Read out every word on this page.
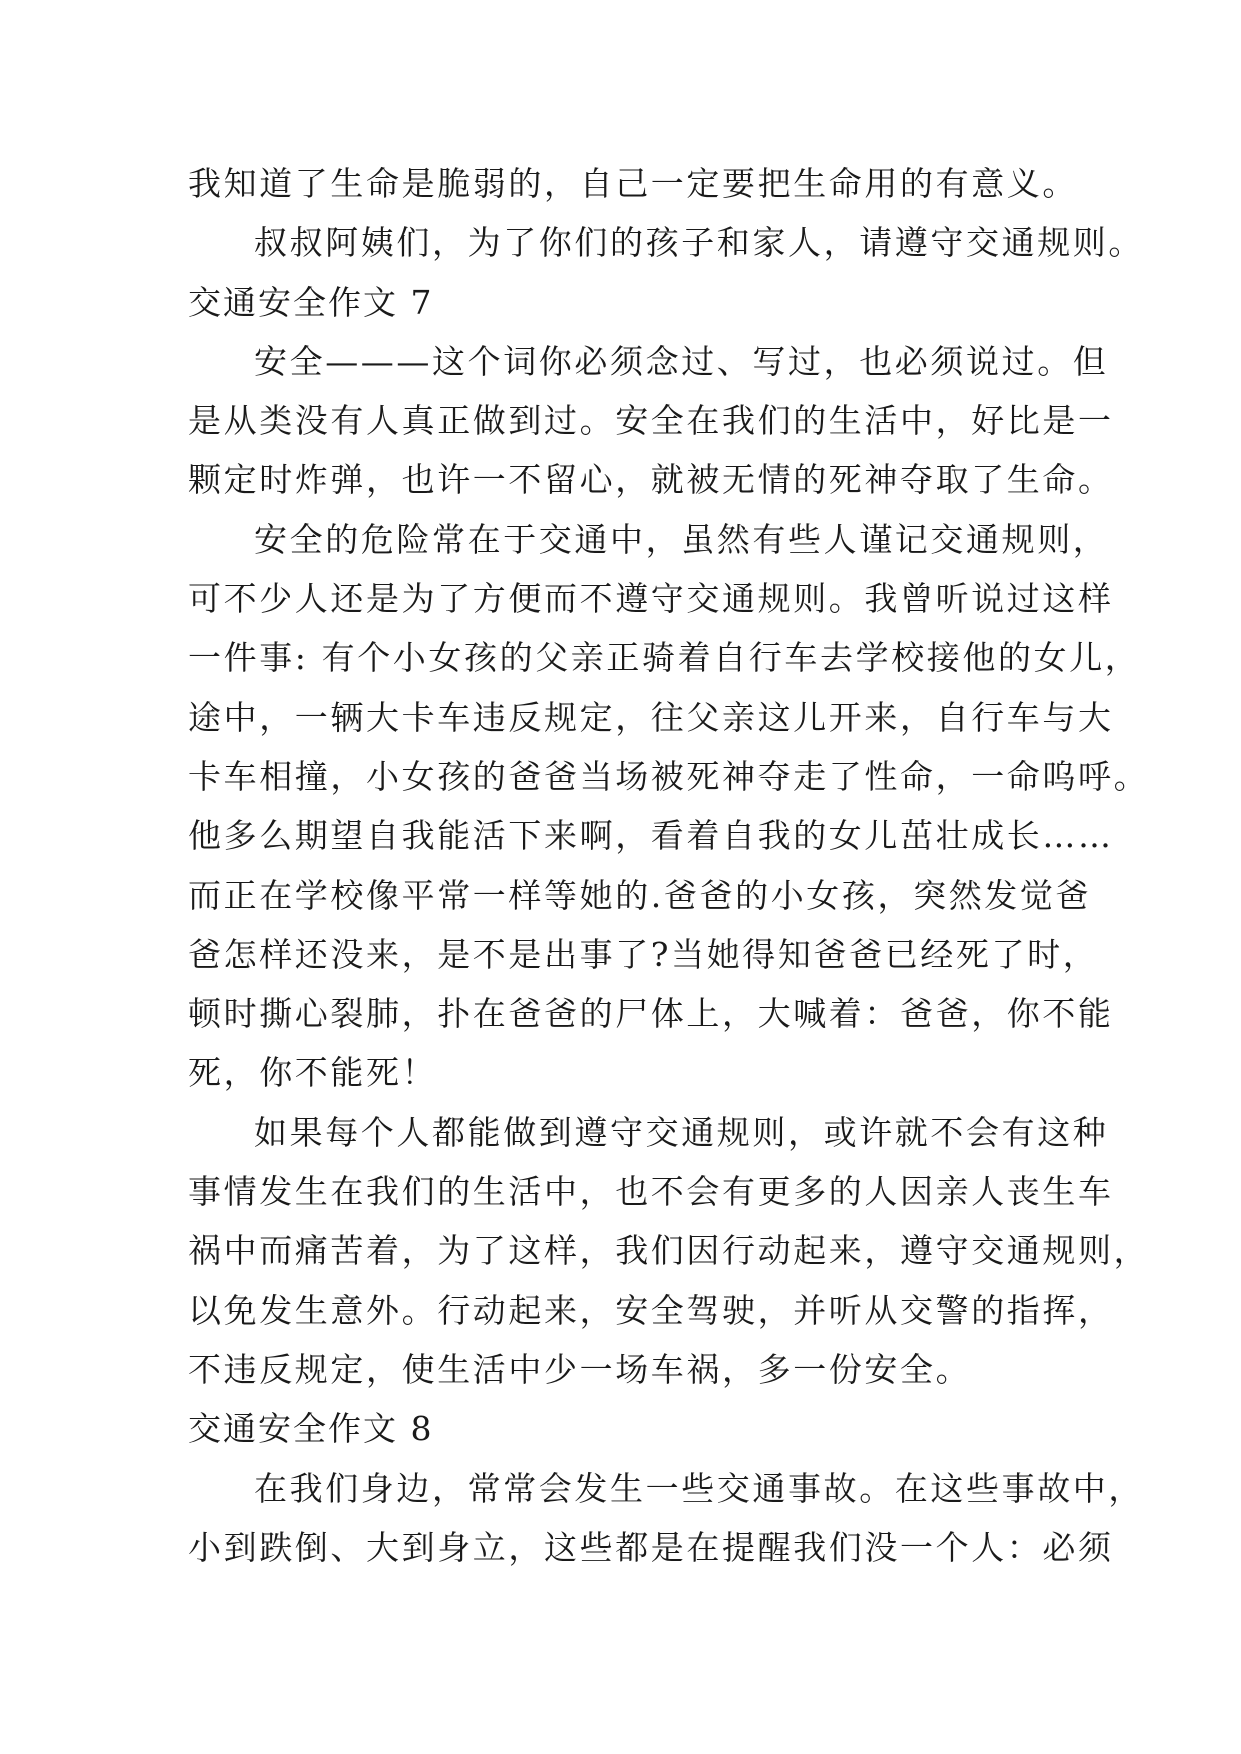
我知道了生命是脆弱的，自己一定要把生命用的有意义。
叔叔阿姨们，为了你们的孩子和家人，请遵守交通规则。
交通安全作文 7
安全———这个词你必须念过、写过，也必须说过。但
是从类没有人真正做到过。安全在我们的生活中，好比是一
颗定时炸弹，也许一不留心，就被无情的死神夺取了生命。
安全的危险常在于交通中，虽然有些人谨记交通规则，
可不少人还是为了方便而不遵守交通规则。我曾听说过这样
一件事: 有个小女孩的父亲正骑着自行车去学校接他的女儿，
途中，一辆大卡车违反规定，往父亲这儿开来，自行车与大
卡车相撞，小女孩的爸爸当场被死神夺走了性命，一命呜呼。
他多么期望自我能活下来啊，看着自我的女儿茁壮成长……
而正在学校像平常一样等她的.爸爸的小女孩，突然发觉爸
爸怎样还没来，是不是出事了?当她得知爸爸已经死了时，
顿时撕心裂肺，扑在爸爸的尸体上，大喊着：爸爸，你不能
死，你不能死！
如果每个人都能做到遵守交通规则，或许就不会有这种
事情发生在我们的生活中，也不会有更多的人因亲人丧生车
祸中而痛苦着，为了这样，我们因行动起来，遵守交通规则，
以免发生意外。行动起来，安全驾驶，并听从交警的指挥，
不违反规定，使生活中少一场车祸，多一份安全。
交通安全作文 8
在我们身边，常常会发生一些交通事故。在这些事故中，
小到跌倒、大到身立，这些都是在提醒我们没一个人：必须
